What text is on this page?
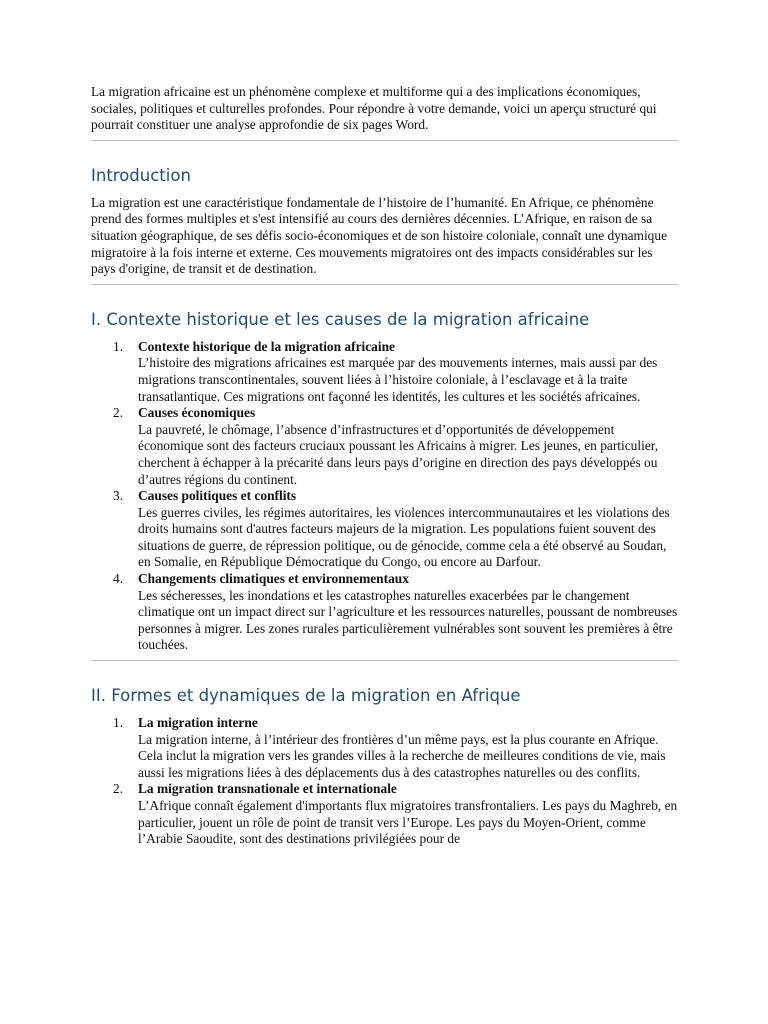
La migration africaine est un phénomène complexe et multiforme qui a des implications économiques, sociales, politiques et culturelles profondes. Pour répondre à votre demande, voici un aperçu structuré qui pourrait constituer une analyse approfondie de six pages Word.

Introduction

La migration est une caractéristique fondamentale de l’histoire de l’humanité. En Afrique, ce phénomène prend des formes multiples et s'est intensifié au cours des dernières décennies. L’Afrique, en raison de sa situation géographique, de ses défis socio-économiques et de son histoire coloniale, connaît une dynamique migratoire à la fois interne et externe. Ces mouvements migratoires ont des impacts considérables sur les pays d'origine, de transit et de destination.

I. Contexte historique et les causes de la migration africaine
1. Contexte historique de la migration africaine
L’histoire des migrations africaines est marquée par des mouvements internes, mais aussi par des migrations transcontinentales, souvent liées à l’histoire coloniale, à l’esclavage et à la traite transatlantique. Ces migrations ont façonné les identités, les cultures et les sociétés africaines.
2. Causes économiques
La pauvreté, le chômage, l’absence d’infrastructures et d’opportunités de développement économique sont des facteurs cruciaux poussant les Africains à migrer. Les jeunes, en particulier, cherchent à échapper à la précarité dans leurs pays d’origine en direction des pays développés ou d’autres régions du continent.
3. Causes politiques et conflits
Les guerres civiles, les régimes autoritaires, les violences intercommunautaires et les violations des droits humains sont d'autres facteurs majeurs de la migration. Les populations fuient souvent des situations de guerre, de répression politique, ou de génocide, comme cela a été observé au Soudan, en Somalie, en République Démocratique du Congo, ou encore au Darfour.
4. Changements climatiques et environnementaux
Les sécheresses, les inondations et les catastrophes naturelles exacerbées par le changement climatique ont un impact direct sur l’agriculture et les ressources naturelles, poussant de nombreuses personnes à migrer. Les zones rurales particulièrement vulnérables sont souvent les premières à être touchées.
II. Formes et dynamiques de la migration en Afrique
1. La migration interne
La migration interne, à l’intérieur des frontières d’un même pays, est la plus courante en Afrique. Cela inclut la migration vers les grandes villes à la recherche de meilleures conditions de vie, mais aussi les migrations liées à des déplacements dus à des catastrophes naturelles ou des conflits.
2. La migration transnationale et internationale
L’Afrique connaît également d'importants flux migratoires transfrontaliers. Les pays du Maghreb, en particulier, jouent un rôle de point de transit vers l’Europe. Les pays du Moyen-Orient, comme l’Arabie Saoudite, sont des destinations privilégiées pour de
